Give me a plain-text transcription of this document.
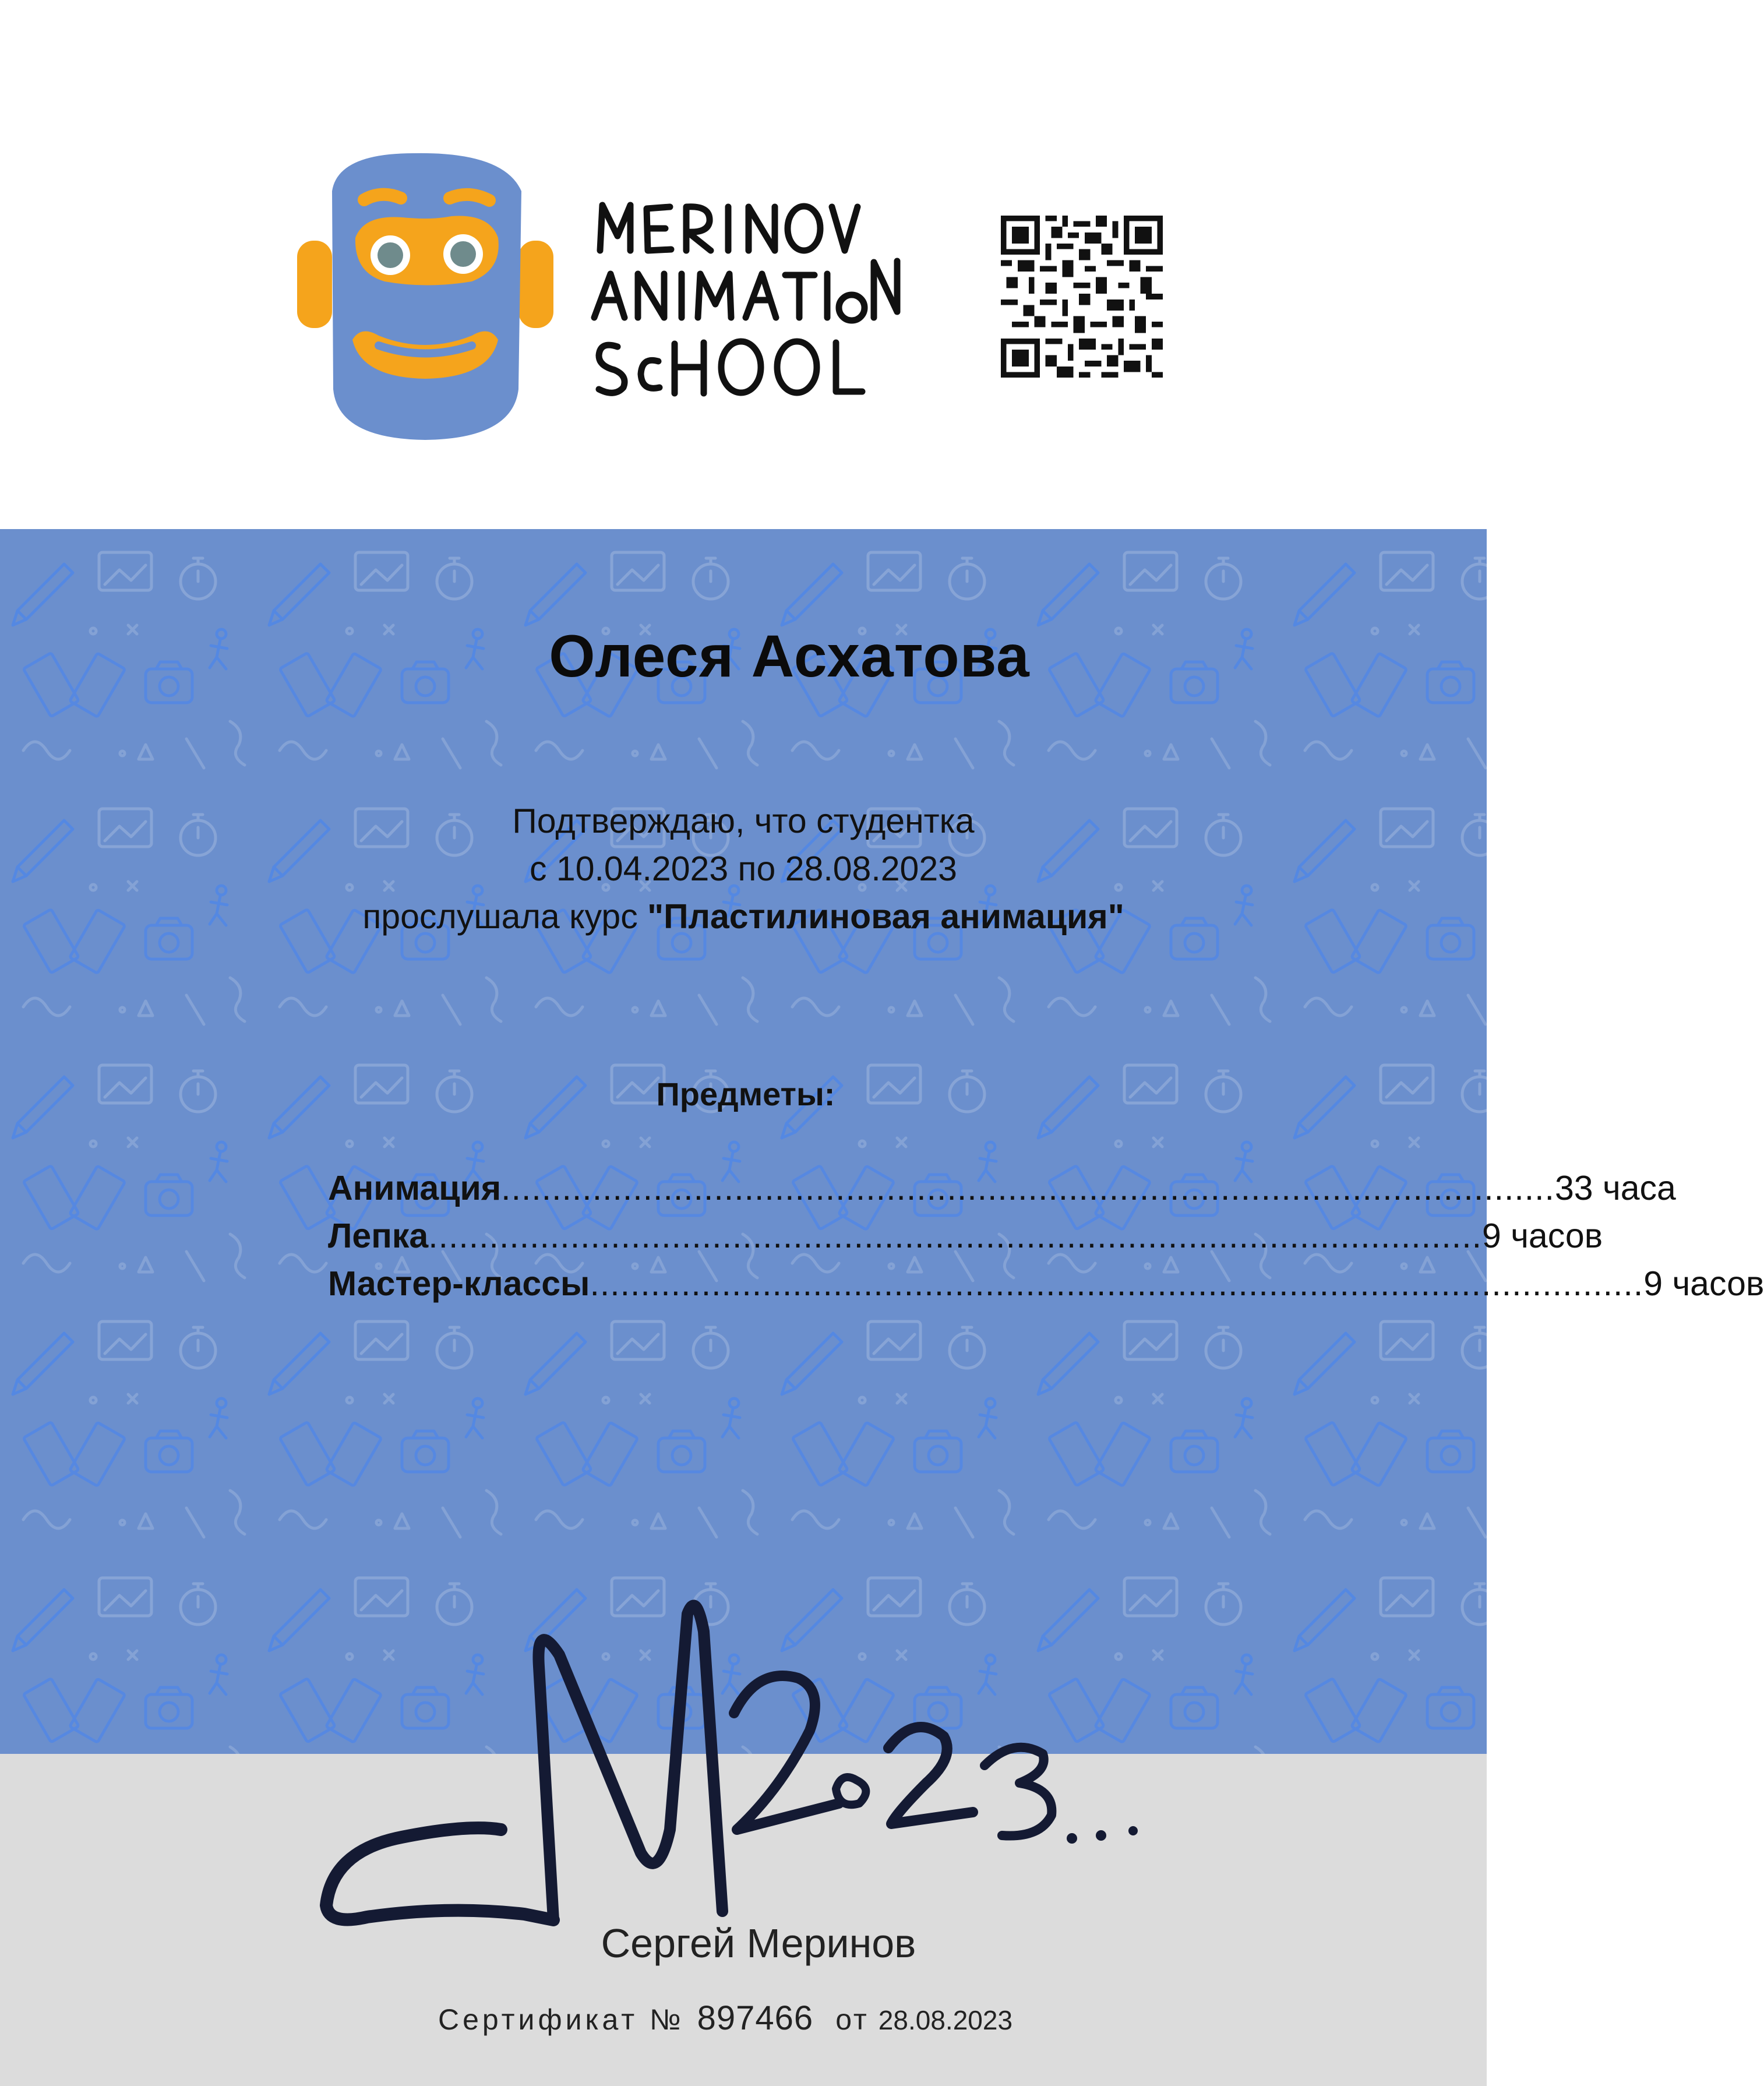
Олеся Асхатова
Подтверждаю, что студентка
с 10.04.2023 по 28.08.2023
прослушала курс "Пластилиновая анимация"
Предметы:
Анимация ........................................................................................................ 33 часа
Лепка ........................................................................................................ 9 часов
Мастер-классы ........................................................................................................ 9 часов
Сергей Меринов
Сертификат № 897466 от 28.08.2023
